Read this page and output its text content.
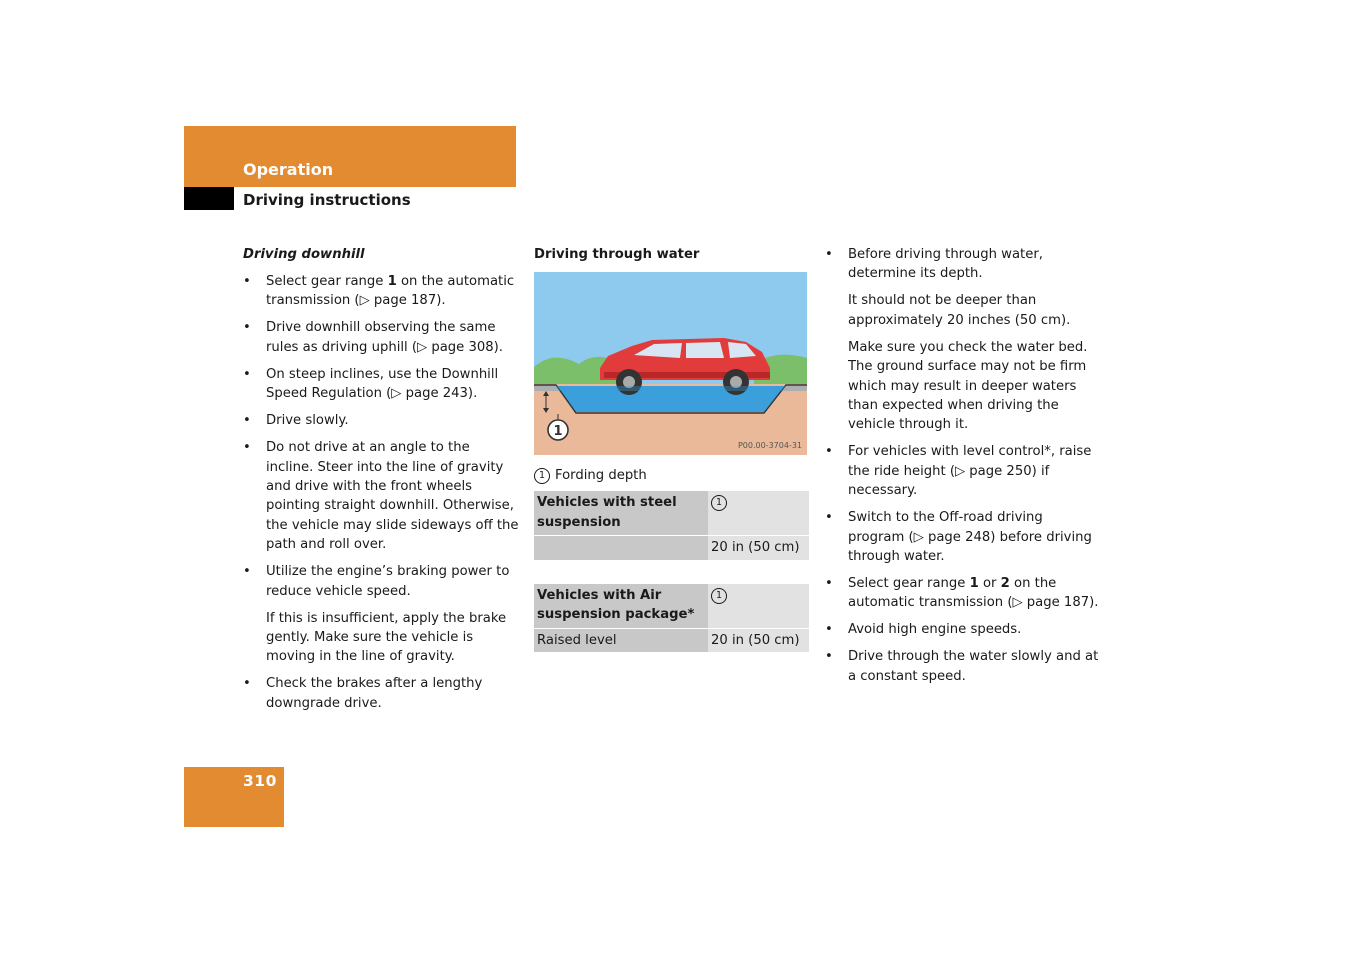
Operation
Driving instructions
Driving downhill
• Select gear range 1 on the automatic transmission (▷ page 187).
• Drive downhill observing the same rules as driving uphill (▷ page 308).
• On steep inclines, use the Downhill Speed Regulation (▷ page 243).
• Drive slowly.
• Do not drive at an angle to the incline. Steer into the line of gravity and drive with the front wheels pointing straight downhill. Otherwise, the vehicle may slide sideways off the path and roll over.
• Utilize the engine’s braking power to reduce vehicle speed.
If this is insufficient, apply the brake gently. Make sure the vehicle is moving in the line of gravity.
• Check the brakes after a lengthy downgrade drive.
Driving through water
1
P00.00-3704-31
1 Fording depth
Vehicles with steel suspension		1

		20 in (50 cm)
Vehicles with Air suspension package*		1

Raised level		20 in (50 cm)
• Before driving through water, determine its depth.
It should not be deeper than approximately 20 inches (50 cm).
Make sure you check the water bed. The ground surface may not be firm which may result in deeper waters than expected when driving the vehicle through it.
• For vehicles with level control*, raise the ride height (▷ page 250) if necessary.
• Switch to the Off-road driving program (▷ page 248) before driving through water.
• Select gear range 1 or 2 on the automatic transmission (▷ page 187).
• Avoid high engine speeds.
• Drive through the water slowly and at a constant speed.
310
